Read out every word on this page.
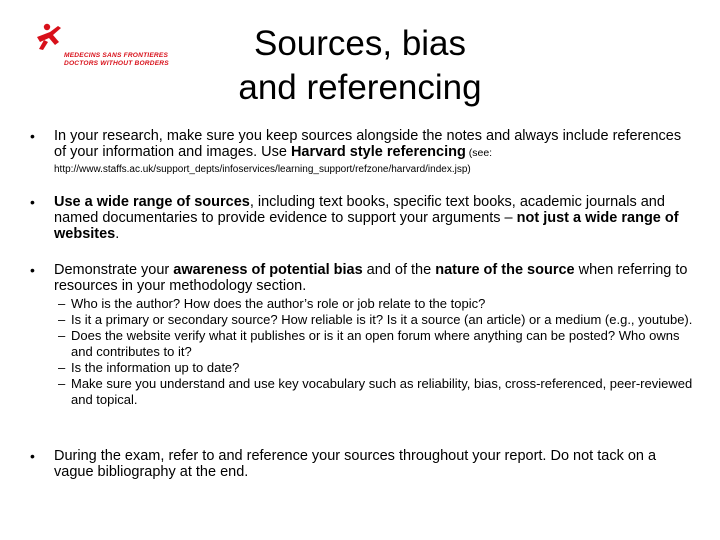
MEDECINS SANS FRONTIERES
DOCTORS WITHOUT BORDERS
Sources, bias
and referencing
• In your research, make sure you keep sources alongside the notes and always include references of your information and images. Use Harvard style referencing (see:
http://www.staffs.ac.uk/support_depts/infoservices/learning_support/refzone/harvard/index.jsp)
• Use a wide range of sources, including text books, specific text books, academic journals and named documentaries to provide evidence to support your arguments – not just a wide range of websites.
• Demonstrate your awareness of potential bias and of the nature of the source when referring to resources in your methodology section.
– Who is the author? How does the author’s role or job relate to the topic?
– Is it a primary or secondary source? How reliable is it? Is it a source (an article) or a medium (e.g., youtube).
– Does the website verify what it publishes or is it an open forum where anything can be posted? Who owns and contributes to it?
– Is the information up to date?
– Make sure you understand and use key vocabulary such as reliability, bias, cross-referenced, peer-reviewed and topical.
• During the exam, refer to and reference your sources throughout your report. Do not tack on a vague bibliography at the end.
